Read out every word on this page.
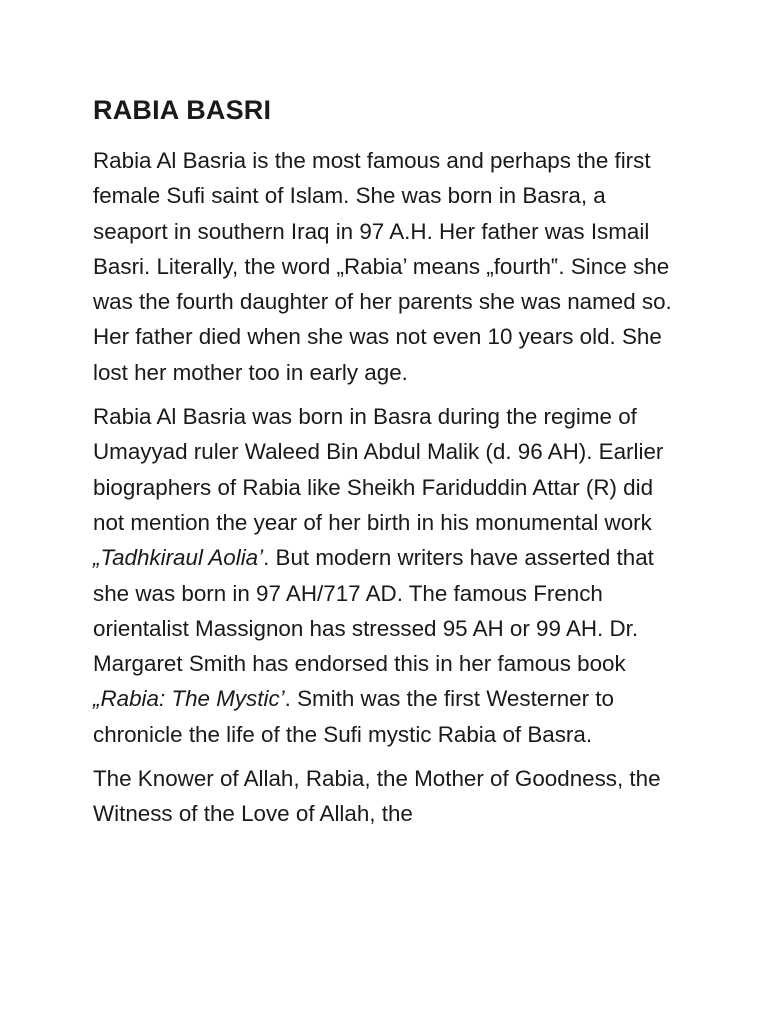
RABIA BASRI

Rabia Al Basria is the most famous and perhaps the first female Sufi saint of Islam. She was born in Basra, a seaport in southern Iraq in 97 A.H. Her father was Ismail Basri. Literally, the word „Rabia’ means „fourth‟. Since she was the fourth daughter of her parents she was named so. Her father died when she was not even 10 years old. She lost her mother too in early age.

Rabia Al Basria was born in Basra during the regime of Umayyad ruler Waleed Bin Abdul Malik (d. 96 AH). Earlier biographers of Rabia like Sheikh Fariduddin Attar (R) did not mention the year of her birth in his monumental work „Tadhkiraul Aolia’. But modern writers have asserted that she was born in 97 AH/717 AD. The famous French orientalist Massignon has stressed 95 AH or 99 AH. Dr. Margaret Smith has endorsed this in her famous book „Rabia: The Mystic’. Smith was the first Westerner to chronicle the life of the Sufi mystic Rabia of Basra.

The Knower of Allah, Rabia, the Mother of Goodness, the Witness of the Love of Allah, the
